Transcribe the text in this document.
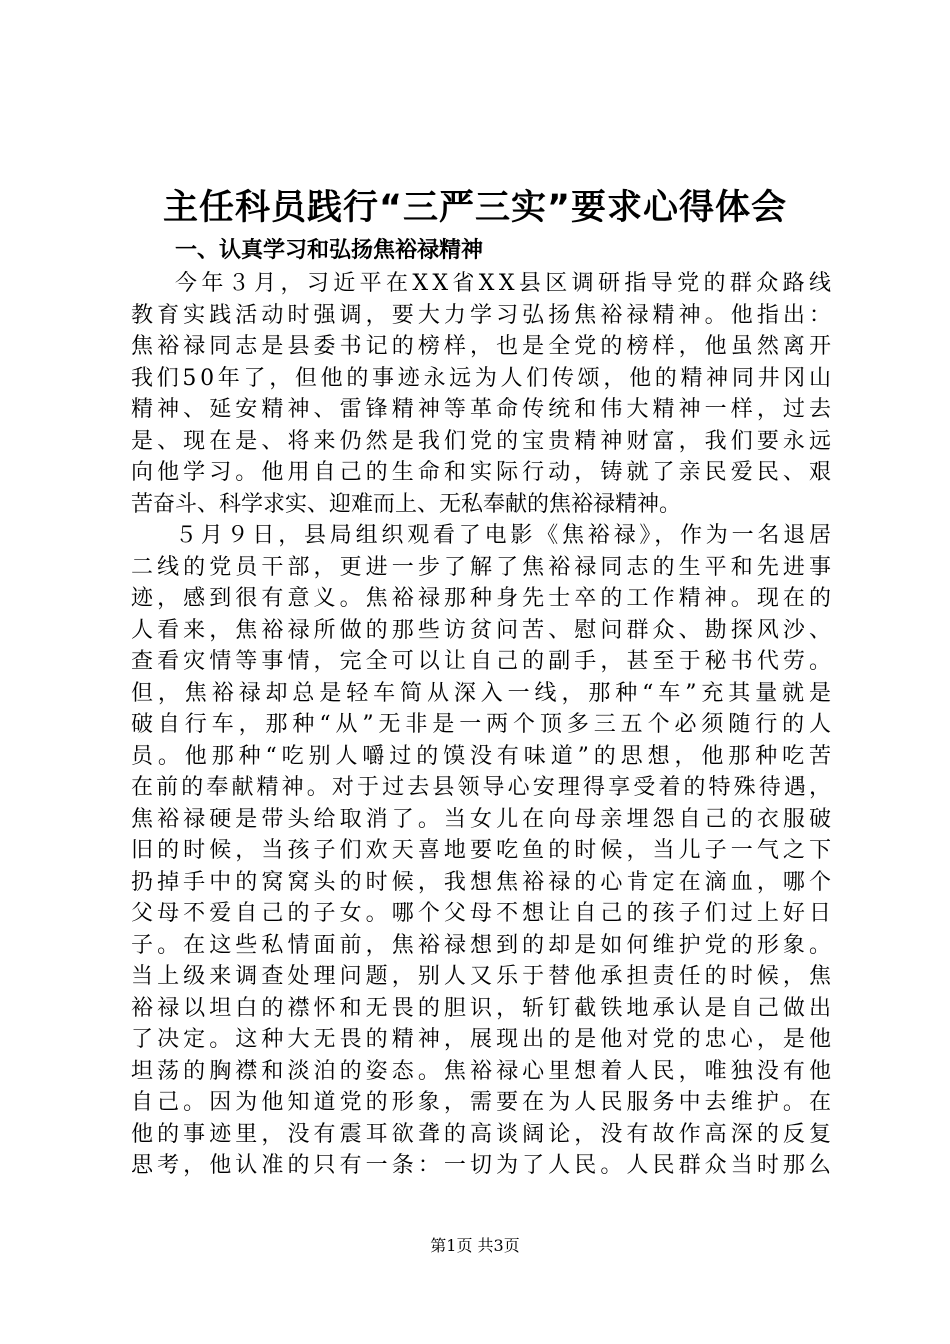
主任科员践行“三严三实”要求心得体会
一、认真学习和弘扬焦裕禄精神
今年３月，习近平在XX省XX县区调研指导党的群众路线
教育实践活动时强调，要大力学习弘扬焦裕禄精神。他指出：
焦裕禄同志是县委书记的榜样，也是全党的榜样，他虽然离开
我们50年了，但他的事迹永远为人们传颂，他的精神同井冈山
精神、延安精神、雷锋精神等革命传统和伟大精神一样，过去
是、现在是、将来仍然是我们党的宝贵精神财富，我们要永远
向他学习。他用自己的生命和实际行动，铸就了亲民爱民、艰
苦奋斗、科学求实、迎难而上、无私奉献的焦裕禄精神。
５月９日，县局组织观看了电影《焦裕禄》，作为一名退居
二线的党员干部，更进一步了解了焦裕禄同志的生平和先进事
迹，感到很有意义。焦裕禄那种身先士卒的工作精神。现在的
人看来，焦裕禄所做的那些访贫问苦、慰问群众、勘探风沙、
查看灾情等事情，完全可以让自己的副手，甚至于秘书代劳。
但，焦裕禄却总是轻车简从深入一线，那种“车”充其量就是
破自行车，那种“从”无非是一两个顶多三五个必须随行的人
员。他那种“吃别人嚼过的馍没有味道”的思想，他那种吃苦
在前的奉献精神。对于过去县领导心安理得享受着的特殊待遇，
焦裕禄硬是带头给取消了。当女儿在向母亲埋怨自己的衣服破
旧的时候，当孩子们欢天喜地要吃鱼的时候，当儿子一气之下
扔掉手中的窝窝头的时候，我想焦裕禄的心肯定在滴血，哪个
父母不爱自己的子女。哪个父母不想让自己的孩子们过上好日
子。在这些私情面前，焦裕禄想到的却是如何维护党的形象。
当上级来调查处理问题，别人又乐于替他承担责任的时候，焦
裕禄以坦白的襟怀和无畏的胆识，斩钉截铁地承认是自己做出
了决定。这种大无畏的精神，展现出的是他对党的忠心，是他
坦荡的胸襟和淡泊的姿态。焦裕禄心里想着人民，唯独没有他
自己。因为他知道党的形象，需要在为人民服务中去维护。在
他的事迹里，没有震耳欲聋的高谈阔论，没有故作高深的反复
思考，他认准的只有一条：一切为了人民。人民群众当时那么
第1页 共3页
